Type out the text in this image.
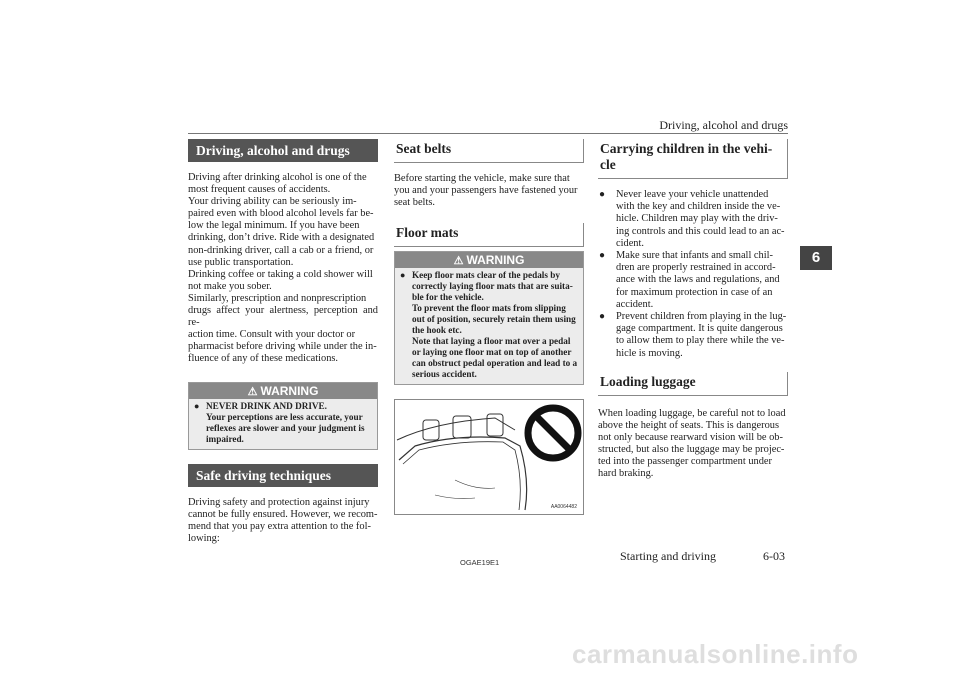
Driving, alcohol and drugs
6
Driving, alcohol and drugs

Driving after drinking alcohol is one of the
most frequent causes of accidents.

Your driving ability can be seriously im-
paired even with blood alcohol levels far be-
low the legal minimum. If you have been
drinking, don’t drive. Ride with a designated
non-drinking driver, call a cab or a friend, or
use public transportation.

Drinking coffee or taking a cold shower will
not make you sober.

Similarly, prescription and nonprescription
drugs affect your alertness, perception and re-
action time. Consult with your doctor or
pharmacist before driving while under the in-
fluence of any of these medications.

⚠ WARNING
● NEVER DRINK AND DRIVE.
Your perceptions are less accurate, your
reflexes are slower and your judgment is
impaired.
Safe driving techniques

Driving safety and protection against injury
cannot be fully ensured. However, we recom-
mend that you pay extra attention to the fol-
lowing:

Seat belts

Before starting the vehicle, make sure that
you and your passengers have fastened your
seat belts.

Floor mats
⚠ WARNING
● Keep floor mats clear of the pedals by
correctly laying floor mats that are suita-
ble for the vehicle.
To prevent the floor mats from slipping
out of position, securely retain them using
the hook etc.
Note that laying a floor mat over a pedal
or laying one floor mat on top of another
can obstruct pedal operation and lead to a
serious accident.
AA0064482
Carrying children in the vehi-
cle
● Never leave your vehicle unattended
with the key and children inside the ve-
hicle. Children may play with the driv-
ing controls and this could lead to an ac-
cident.
● Make sure that infants and small chil-
dren are properly restrained in accord-
ance with the laws and regulations, and
for maximum protection in case of an
accident.
● Prevent children from playing in the lug-
gage compartment. It is quite dangerous
to allow them to play there while the ve-
hicle is moving.
Loading luggage

When loading luggage, be careful not to load
above the height of seats. This is dangerous
not only because rearward vision will be ob-
structed, but also the luggage may be projec-
ted into the passenger compartment under
hard braking.

OGAE19E1	Starting and driving	6-03
carmanualsonline.info
